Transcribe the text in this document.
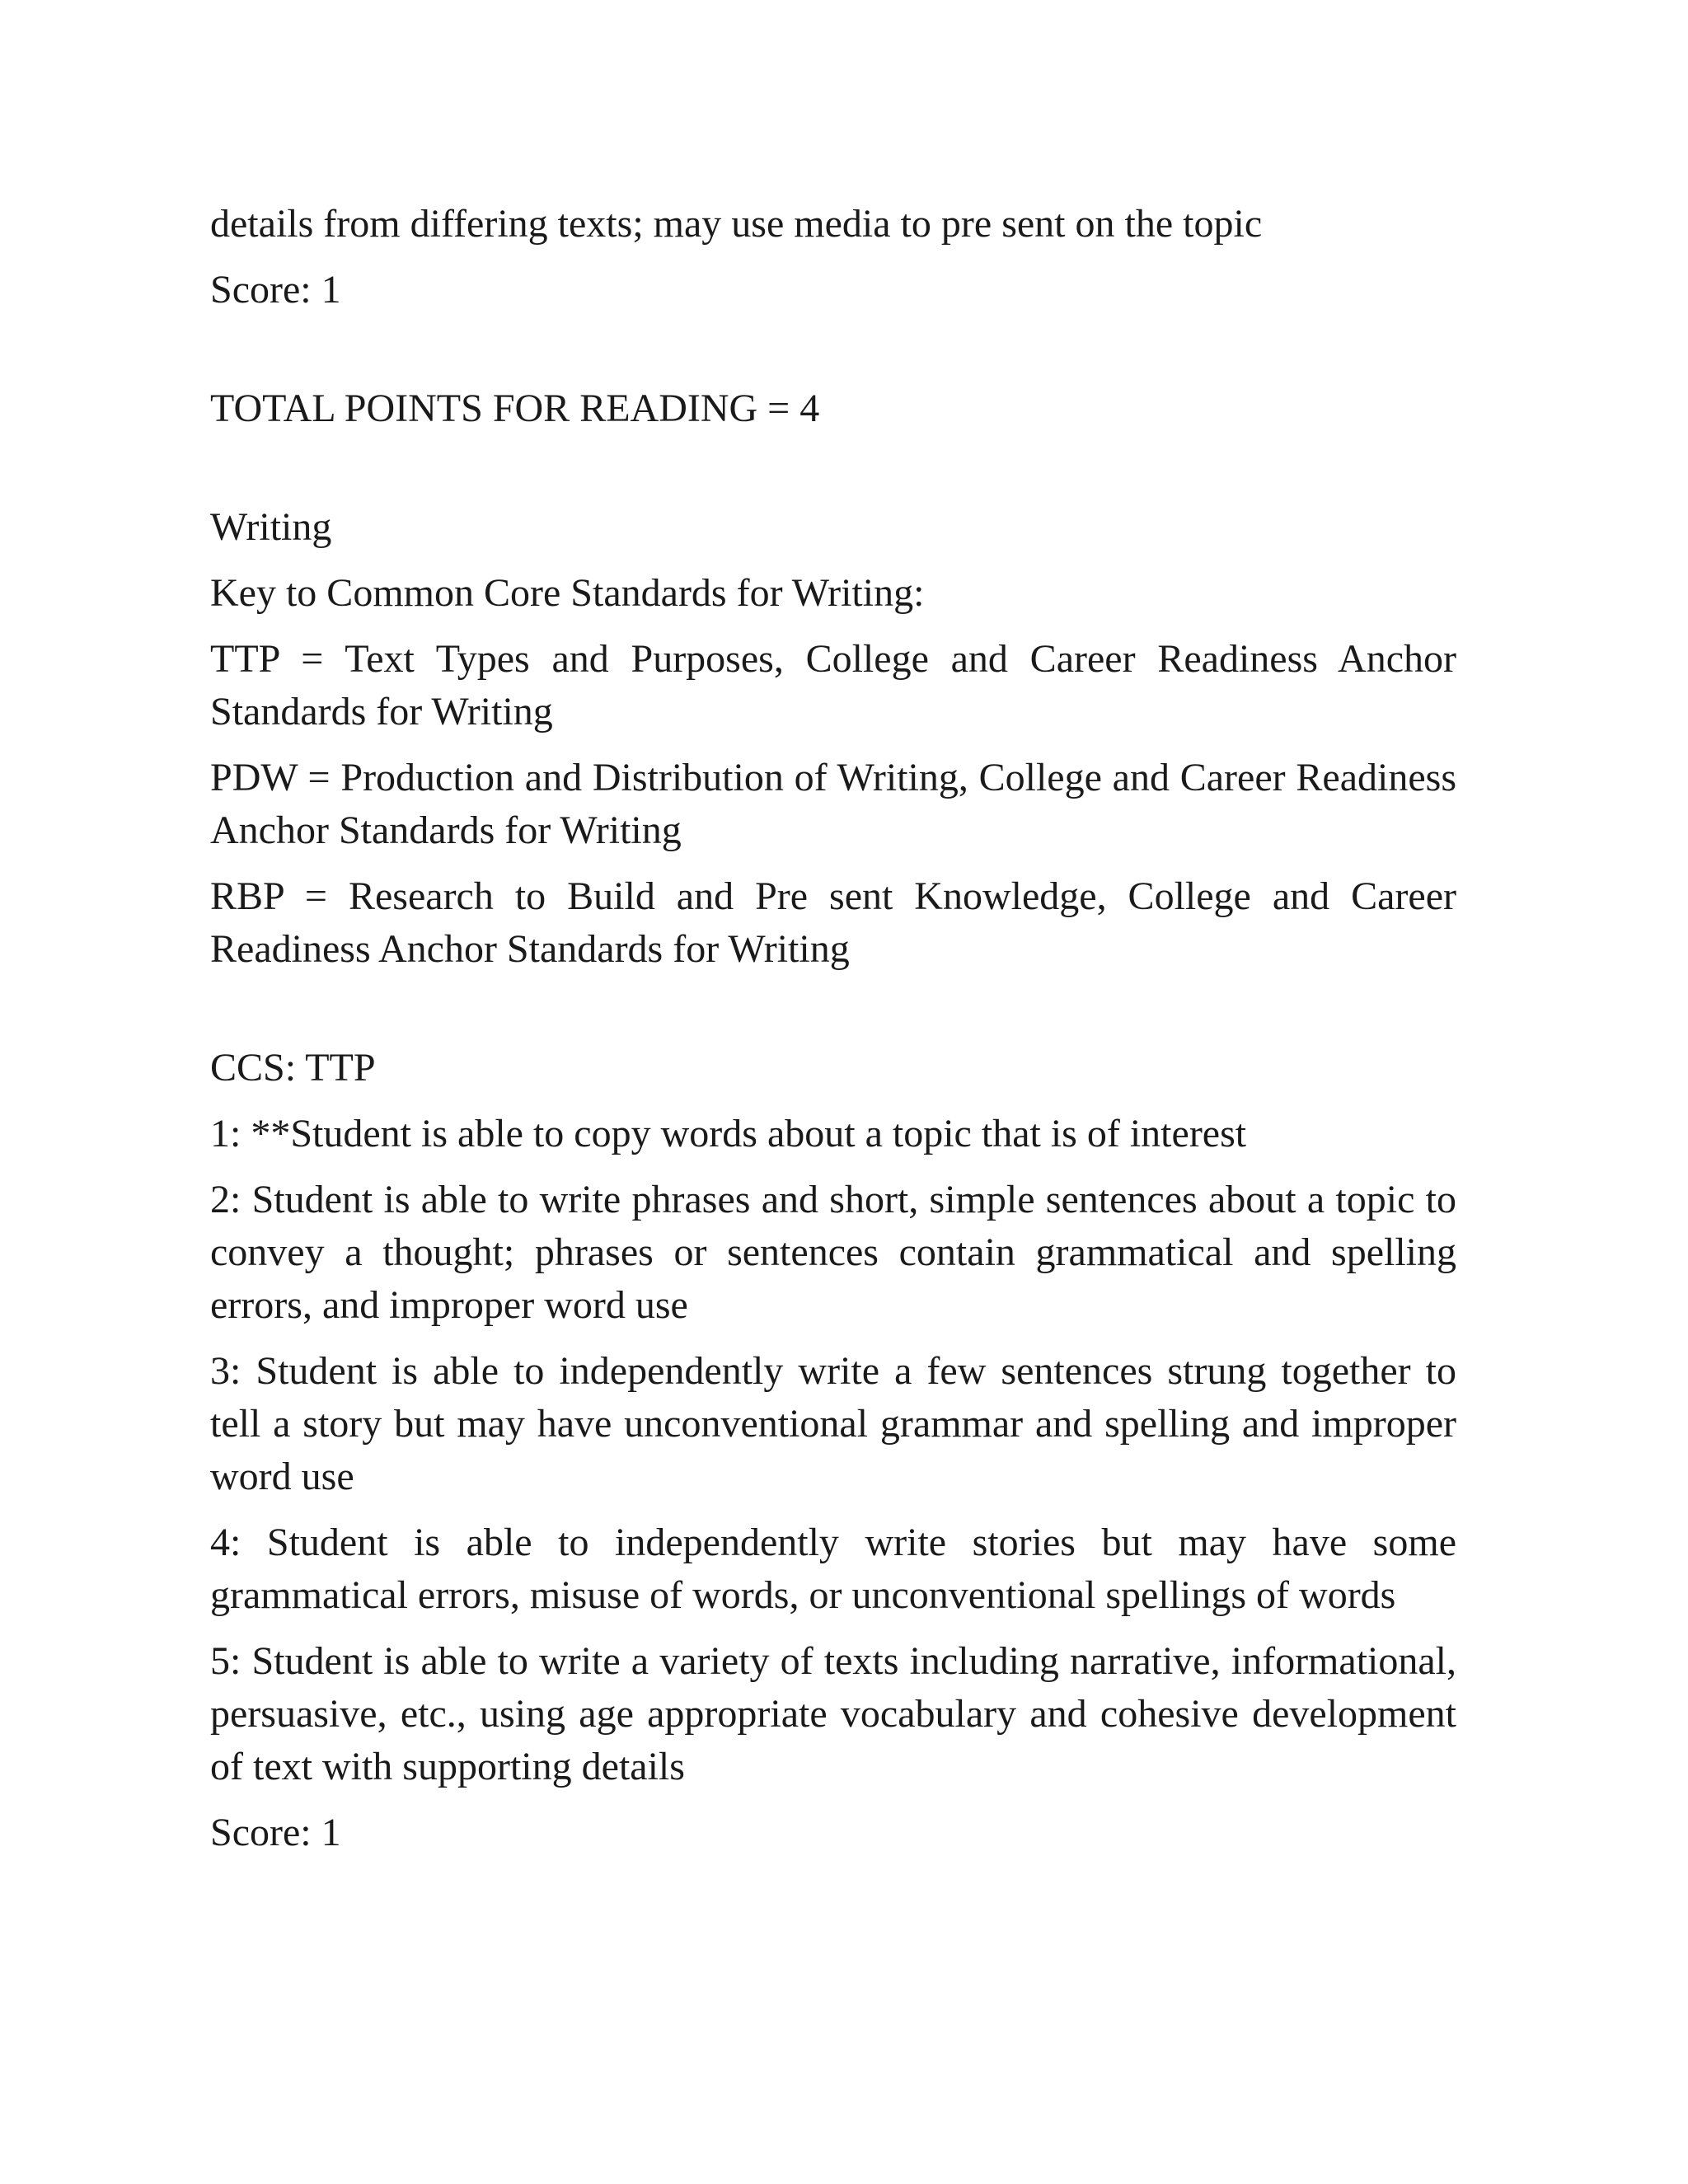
details from differing texts; may use media to pre sent on the topic

Score: 1

TOTAL POINTS FOR READING = 4

Writing

Key to Common Core Standards for Writing:

TTP = Text Types and Purposes, College and Career Readiness Anchor Standards for Writing

PDW = Production and Distribution of Writing, College and Career Readiness Anchor Standards for Writing

RBP = Research to Build and Pre sent Knowledge, College and Career Readiness Anchor Standards for Writing

CCS: TTP

1: **Student is able to copy words about a topic that is of interest

2: Student is able to write phrases and short, simple sentences about a topic to convey a thought; phrases or sentences contain grammatical and spelling errors, and improper word use

3: Student is able to independently write a few sentences strung together to tell a story but may have unconventional grammar and spelling and improper word use

4: Student is able to independently write stories but may have some grammatical errors, misuse of words, or unconventional spellings of words

5: Student is able to write a variety of texts including narrative, informational, persuasive, etc., using age appropriate vocabulary and cohesive development of text with supporting details

Score: 1
